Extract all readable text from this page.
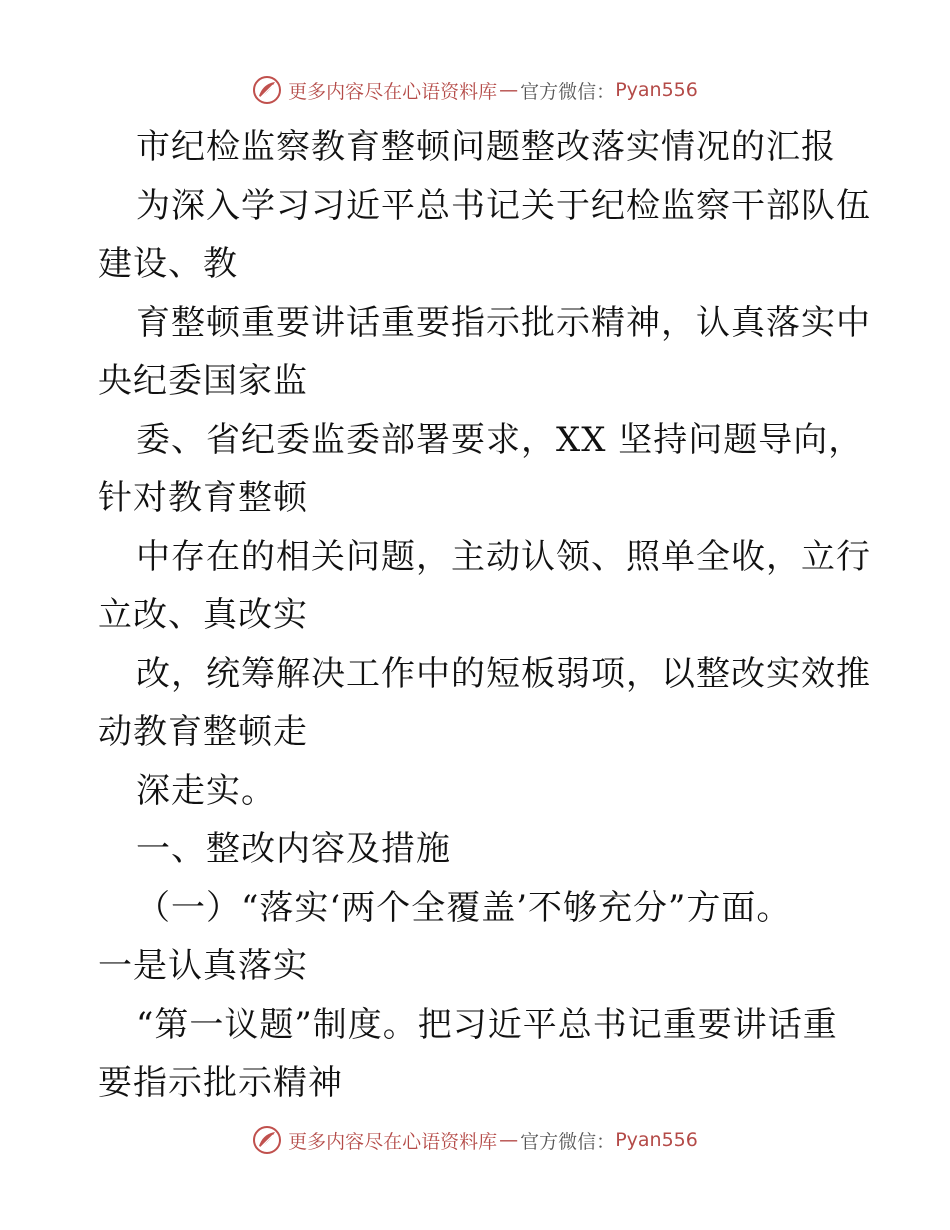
更多内容尽在心语资料库 — 官方微信： Pyan556
市纪检监察教育整顿问题整改落实情况的汇报
为深入学习习近平总书记关于纪检监察干部队伍
建设、教
育整顿重要讲话重要指示批示精神，认真落实中
央纪委国家监
委、省纪委监委部署要求，XX 坚持问题导向，
针对教育整顿
中存在的相关问题，主动认领、照单全收，立行
立改、真改实
改，统筹解决工作中的短板弱项，以整改实效推
动教育整顿走
深走实。
一、整改内容及措施
（一）“落实‘两个全覆盖’不够充分”方面。
一是认真落实
“第一议题”制度。把习近平总书记重要讲话重
要指示批示精神
更多内容尽在心语资料库 — 官方微信： Pyan556
